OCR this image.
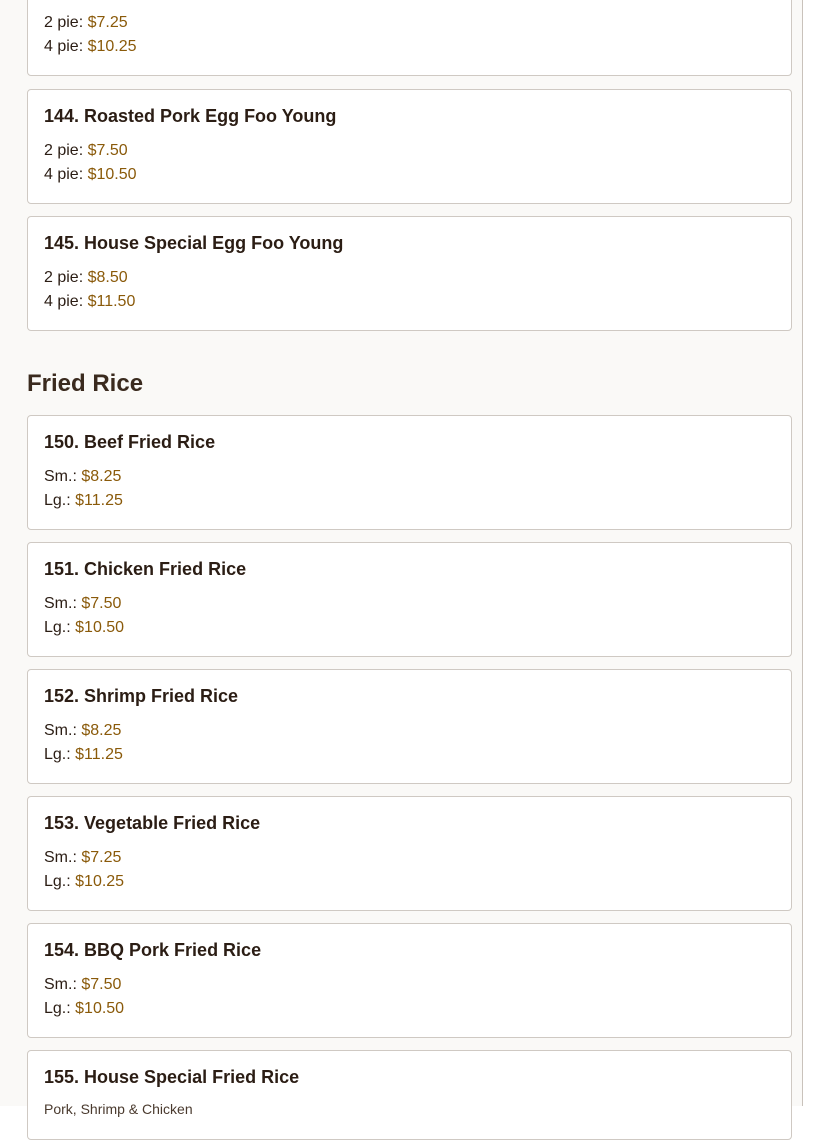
2 pie: $7.25
4 pie: $10.25
144. Roasted Pork Egg Foo Young
2 pie: $7.50
4 pie: $10.50
145. House Special Egg Foo Young
2 pie: $8.50
4 pie: $11.50
Fried Rice
150. Beef Fried Rice
Sm.: $8.25
Lg.: $11.25
151. Chicken Fried Rice
Sm.: $7.50
Lg.: $10.50
152. Shrimp Fried Rice
Sm.: $8.25
Lg.: $11.25
153. Vegetable Fried Rice
Sm.: $7.25
Lg.: $10.25
154. BBQ Pork Fried Rice
Sm.: $7.50
Lg.: $10.50
155. House Special Fried Rice
Pork, Shrimp & Chicken
